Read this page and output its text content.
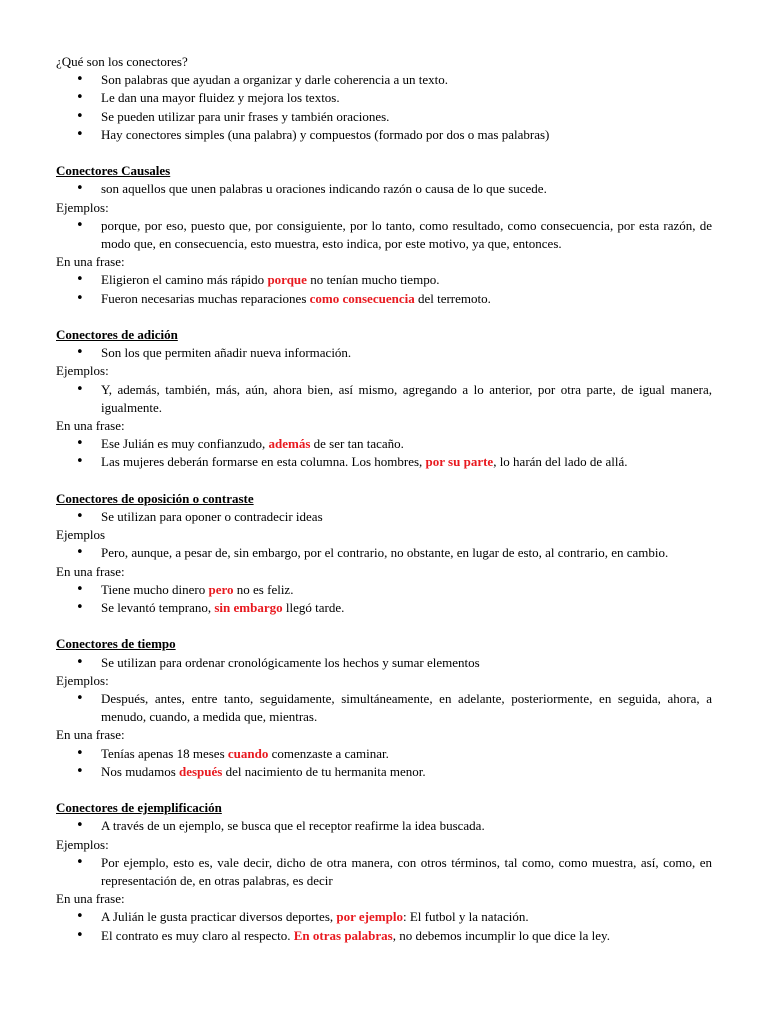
¿Qué son los conectores?

• Son palabras que ayudan a organizar y darle coherencia a un texto.
• Le dan una mayor fluidez y mejora los textos.
• Se pueden utilizar para unir frases y también oraciones.
• Hay conectores simples (una palabra) y compuestos (formado por dos o mas palabras)

Conectores Causales

• son aquellos que unen palabras u oraciones indicando razón o causa de lo que sucede.

Ejemplos:

• porque, por eso, puesto que, por consiguiente, por lo tanto, como resultado, como consecuencia, por esta razón, de modo que, en consecuencia, esto muestra, esto indica, por este motivo, ya que, entonces.

En una frase:

• Eligieron el camino más rápido porque no tenían mucho tiempo.
• Fueron necesarias muchas reparaciones como consecuencia del terremoto.

Conectores de adición

• Son los que permiten añadir nueva información.

Ejemplos:

• Y, además, también, más, aún, ahora bien, así mismo, agregando a lo anterior, por otra parte, de igual manera, igualmente.

En una frase:

• Ese Julián es muy confianzudo, además de ser tan tacaño.
• Las mujeres deberán formarse en esta columna. Los hombres, por su parte, lo harán del lado de allá.

Conectores de oposición o contraste

• Se utilizan para oponer o contradecir ideas

Ejemplos

• Pero, aunque, a pesar de, sin embargo, por el contrario, no obstante, en lugar de esto, al contrario, en cambio.

En una frase:

• Tiene mucho dinero pero no es feliz.
• Se levantó temprano, sin embargo llegó tarde.

Conectores de tiempo

• Se utilizan para ordenar cronológicamente los hechos y sumar elementos

Ejemplos:

• Después, antes, entre tanto, seguidamente, simultáneamente, en adelante, posteriormente, en seguida, ahora, a menudo, cuando, a medida que, mientras.

En una frase:

• Tenías apenas 18 meses cuando comenzaste a caminar.
• Nos mudamos después del nacimiento de tu hermanita menor.

Conectores de ejemplificación

• A través de un ejemplo, se busca que el receptor reafirme la idea buscada.

Ejemplos:

• Por ejemplo, esto es, vale decir, dicho de otra manera, con otros términos, tal como, como muestra, así, como, en representación de, en otras palabras, es decir

En una frase:

• A Julián le gusta practicar diversos deportes, por ejemplo: El futbol y la natación.
• El contrato es muy claro al respecto. En otras palabras, no debemos incumplir lo que dice la ley.
